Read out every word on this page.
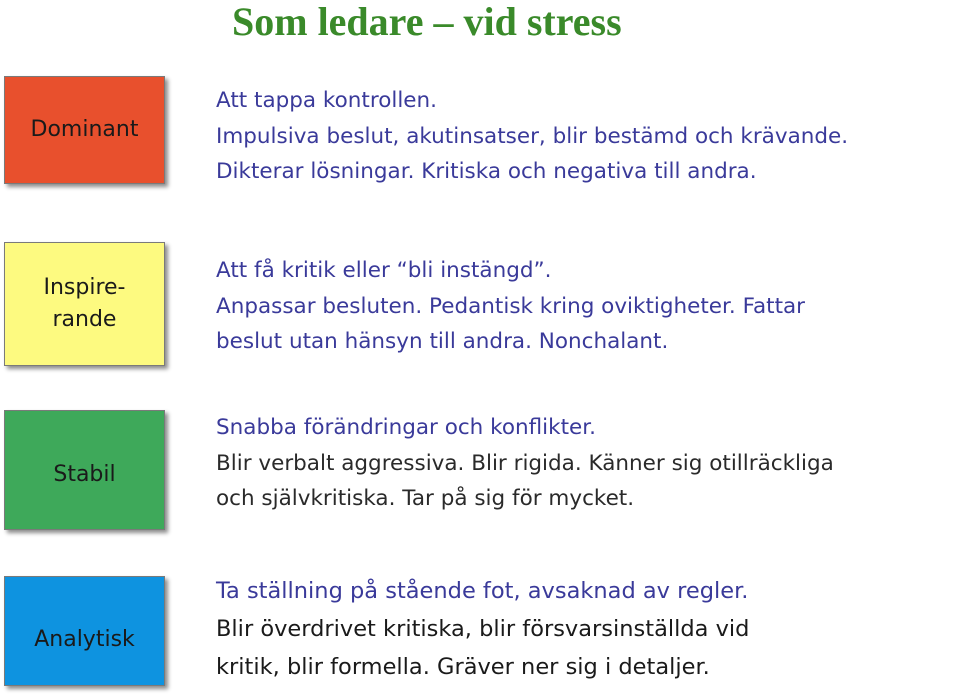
Som ledare – vid stress
Dominant
Att tappa kontrollen.
Impulsiva beslut, akutinsatser, blir bestämd och krävande.
Dikterar lösningar. Kritiska och negativa till andra.
Inspire-
rande
Att få kritik eller “bli instängd”.
Anpassar besluten. Pedantisk kring oviktigheter. Fattar
beslut utan hänsyn till andra. Nonchalant.
Stabil
Snabba förändringar och konflikter.
Blir verbalt aggressiva. Blir rigida. Känner sig otillräckliga
och självkritiska. Tar på sig för mycket.
Analytisk
Ta ställning på stående fot, avsaknad av regler.
Blir överdrivet kritiska, blir försvarsinställda vid
kritik, blir formella. Gräver ner sig i detaljer.
